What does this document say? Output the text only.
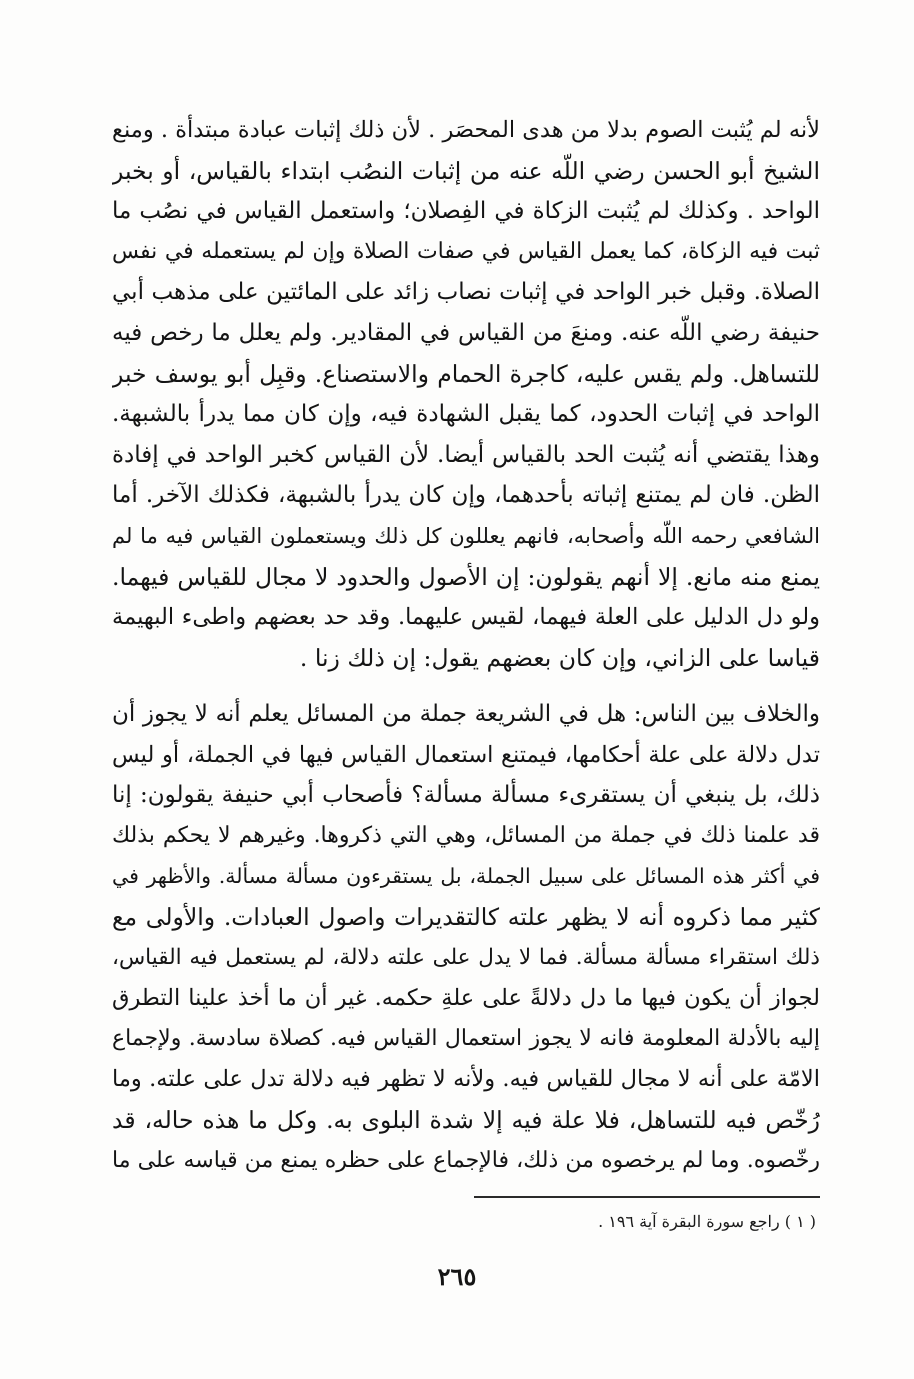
لأنه لم يُثبت الصوم بدلا من هدى المحصَر . لأن ذلك إثبات عبادة مبتدأة . ومنع
الشيخ أبو الحسن رضي اللّه عنه من إثبات النصُب ابتداء بالقياس، أو بخبر
الواحد . وكذلك لم يُثبت الزكاة في الفِصلان؛ واستعمل القياس في نصُب ما
ثبت فيه الزكاة، كما يعمل القياس في صفات الصلاة وإن لم يستعمله في نفس
الصلاة. وقبل خبر الواحد في إثبات نصاب زائد على المائتين على مذهب أبي
حنيفة رضي اللّه عنه. ومنعَ من القياس في المقادير. ولم يعلل ما رخص فيه
للتساهل. ولم يقس عليه، كاجرة الحمام والاستصناع. وقبِل أبو يوسف خبر
الواحد في إثبات الحدود، كما يقبل الشهادة فيه، وإن كان مما يدرأ بالشبهة.
وهذا يقتضي أنه يُثبت الحد بالقياس أيضا. لأن القياس كخبر الواحد في إفادة
الظن. فان لم يمتنع إثباته بأحدهما، وإن كان يدرأ بالشبهة، فكذلك الآخر. أما
الشافعي رحمه اللّه وأصحابه، فانهم يعللون كل ذلك ويستعملون القياس فيه ما لم
يمنع منه مانع. إلا أنهم يقولون: إن الأصول والحدود لا مجال للقياس فيهما.
ولو دل الدليل على العلة فيهما، لقيس عليهما. وقد حد بعضهم واطىء البهيمة
قياسا على الزاني، وإن كان بعضهم يقول: إن ذلك زنا .
والخلاف بين الناس: هل في الشريعة جملة من المسائل يعلم أنه لا يجوز أن
تدل دلالة على علة أحكامها، فيمتنع استعمال القياس فيها في الجملة، أو ليس
ذلك، بل ينبغي أن يستقرىء مسألة مسألة؟ فأصحاب أبي حنيفة يقولون: إنا
قد علمنا ذلك في جملة من المسائل، وهي التي ذكروها. وغيرهم لا يحكم بذلك
في أكثر هذه المسائل على سبيل الجملة، بل يستقرءون مسألة مسألة. والأظهر في
كثير مما ذكروه أنه لا يظهر علته كالتقديرات واصول العبادات. والأولى مع
ذلك استقراء مسألة مسألة. فما لا يدل على علته دلالة، لم يستعمل فيه القياس،
لجواز أن يكون فيها ما دل دلالةً على علةِ حكمه. غير أن ما أخذ علينا التطرق
إليه بالأدلة المعلومة فانه لا يجوز استعمال القياس فيه. كصلاة سادسة. ولإجماع
الامّة على أنه لا مجال للقياس فيه. ولأنه لا تظهر فيه دلالة تدل على علته. وما
رُخّص فيه للتساهل، فلا علة فيه إلا شدة البلوى به. وكل ما هذه حاله، قد
رخّصوه. وما لم يرخصوه من ذلك، فالإجماع على حظره يمنع من قياسه على ما
( ١ ) راجع سورة البقرة آية ١٩٦ .
٢٦٥
